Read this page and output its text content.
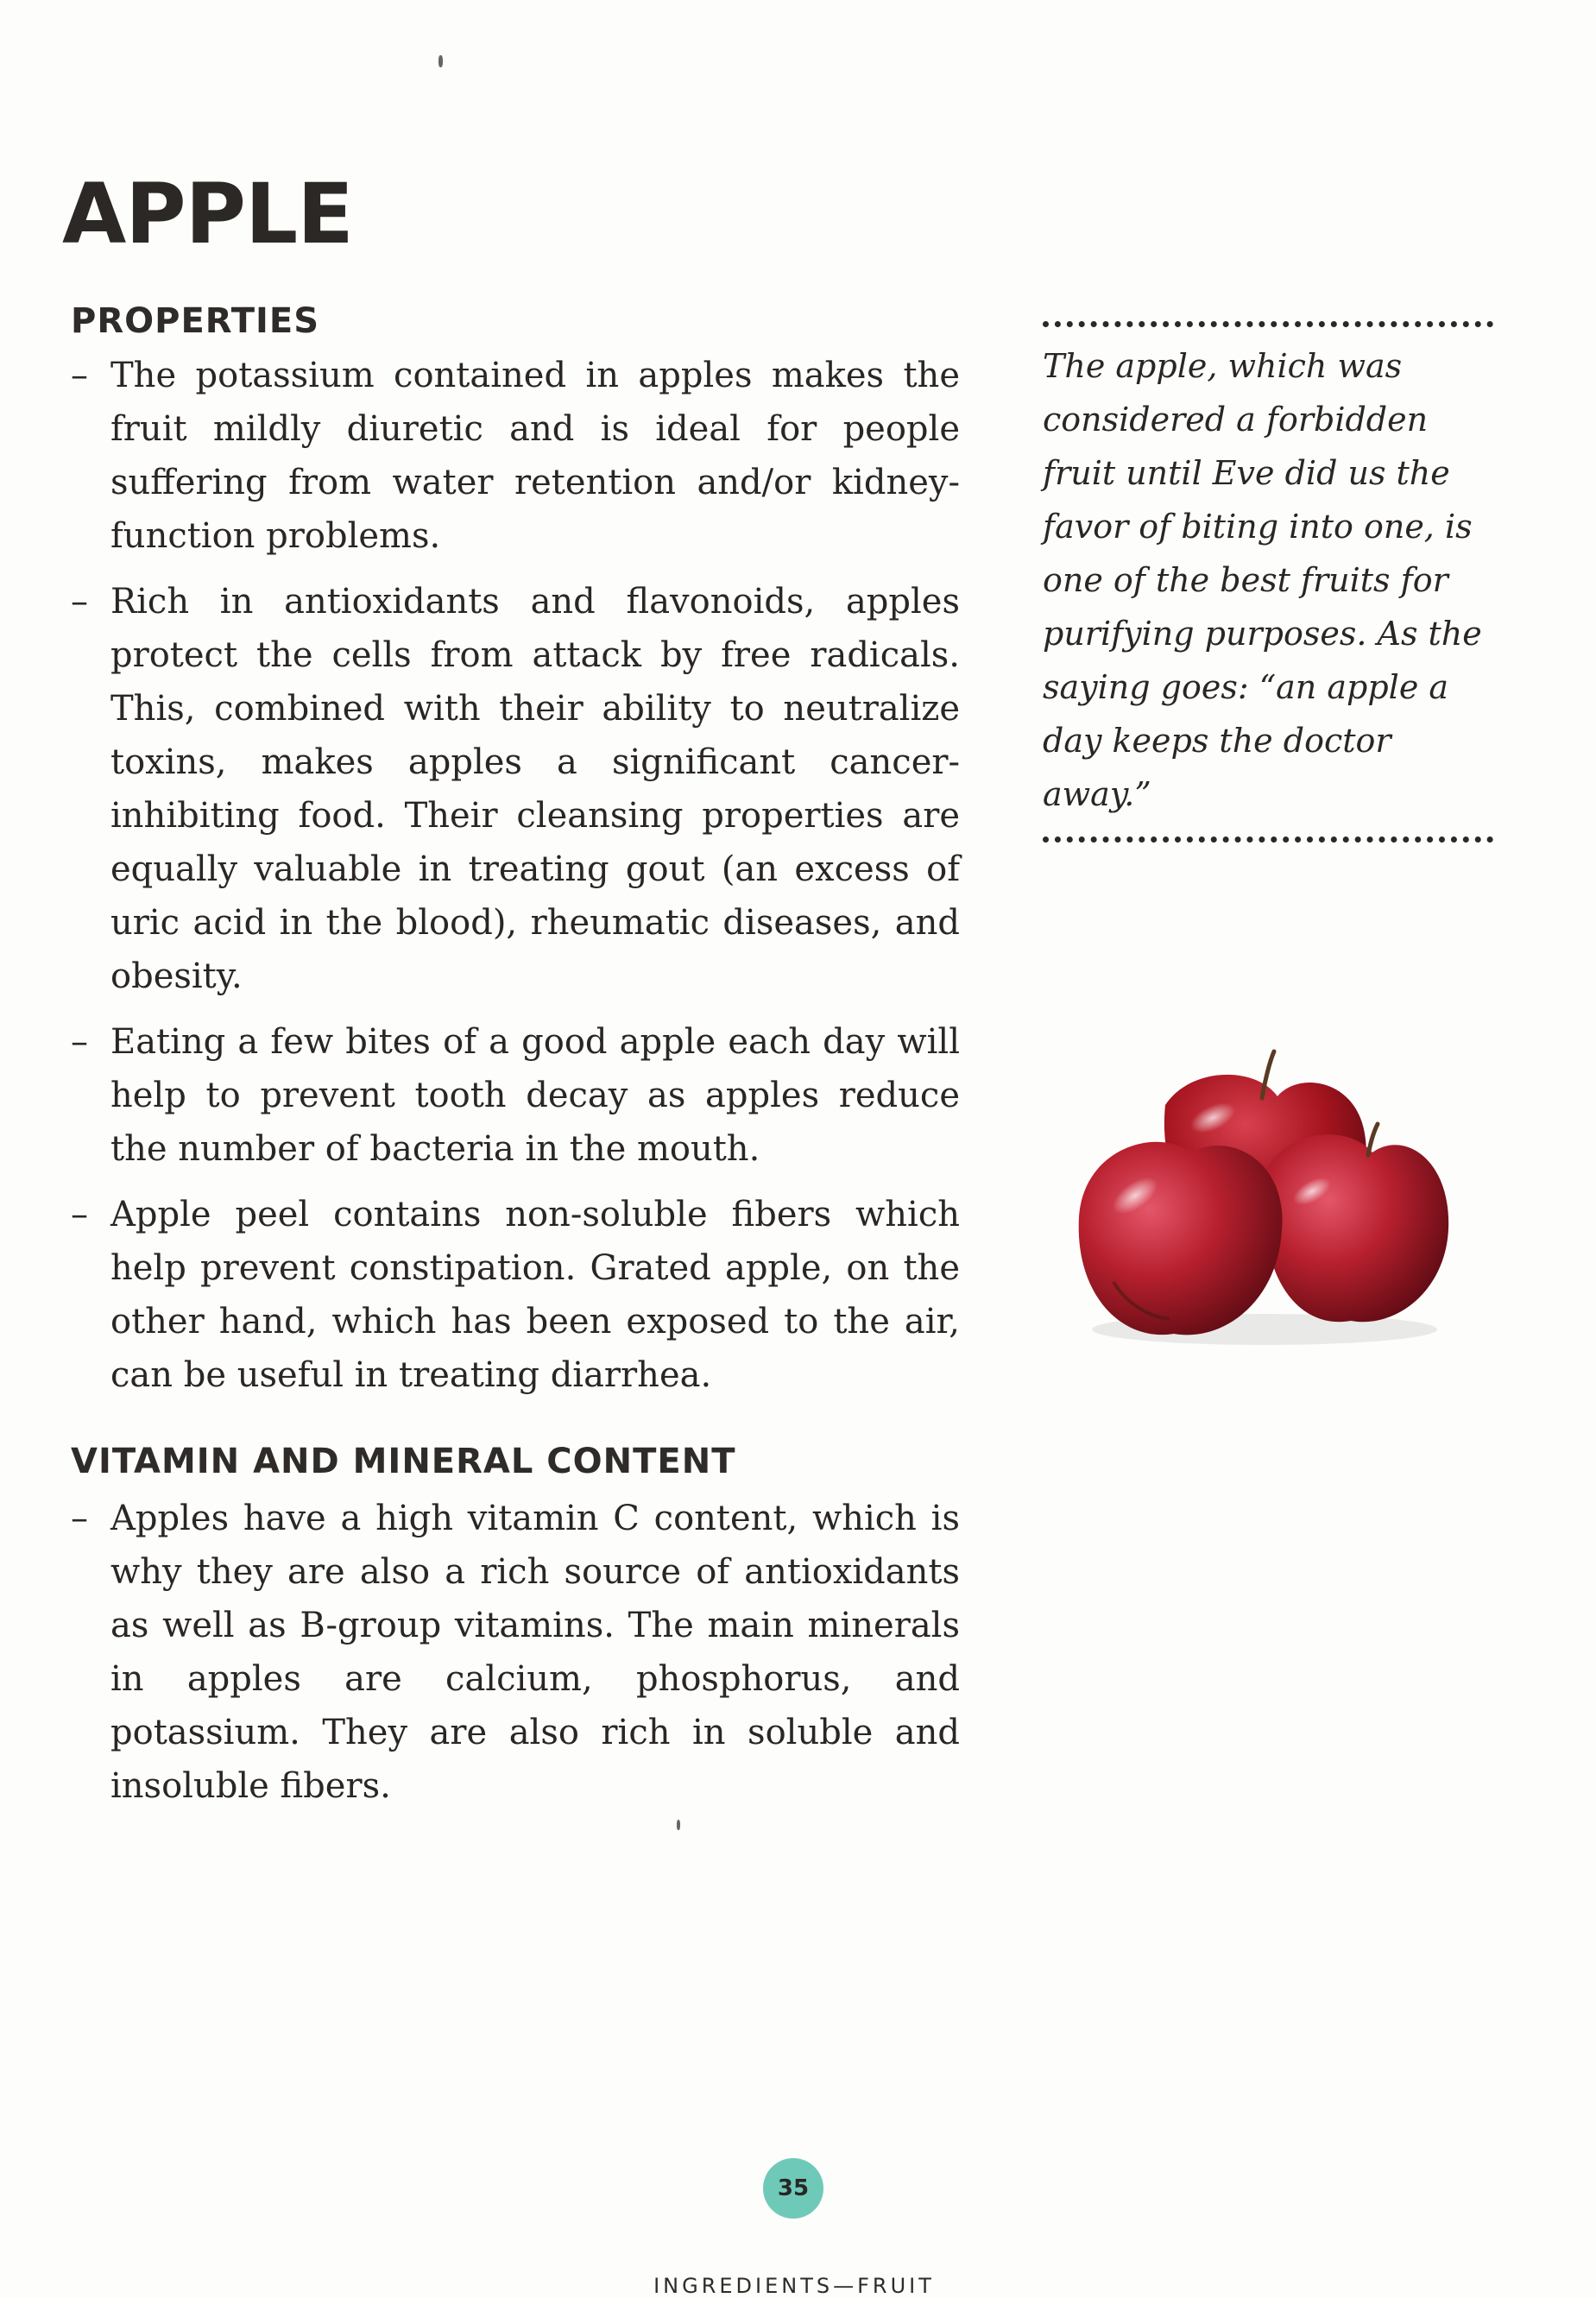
APPLE
PROPERTIES
– The potassium contained in apples makes the fruit mildly diuretic and is ideal for people suffering from water retention and/or kidney-function problems.
– Rich in antioxidants and flavonoids, apples protect the cells from attack by free radicals. This, combined with their ability to neutralize toxins, makes apples a significant cancer-inhibiting food. Their cleansing properties are equally valuable in treating gout (an excess of uric acid in the blood), rheumatic diseases, and obesity.
– Eating a few bites of a good apple each day will help to prevent tooth decay as apples reduce the number of bacteria in the mouth.
– Apple peel contains non-soluble fibers which help prevent constipation. Grated apple, on the other hand, which has been exposed to the air, can be useful in treating diarrhea.
VITAMIN AND MINERAL CONTENT
– Apples have a high vitamin C content, which is why they are also a rich source of antioxidants as well as B-group vitamins. The main minerals in apples are calcium, phosphorus, and potassium. They are also rich in soluble and insoluble fibers.

The apple, which was considered a forbidden fruit until Eve did us the favor of biting into one, is one of the best fruits for purifying purposes. As the saying goes: “an apple a day keeps the doctor away.”

35
INGREDIENTS—FRUIT
